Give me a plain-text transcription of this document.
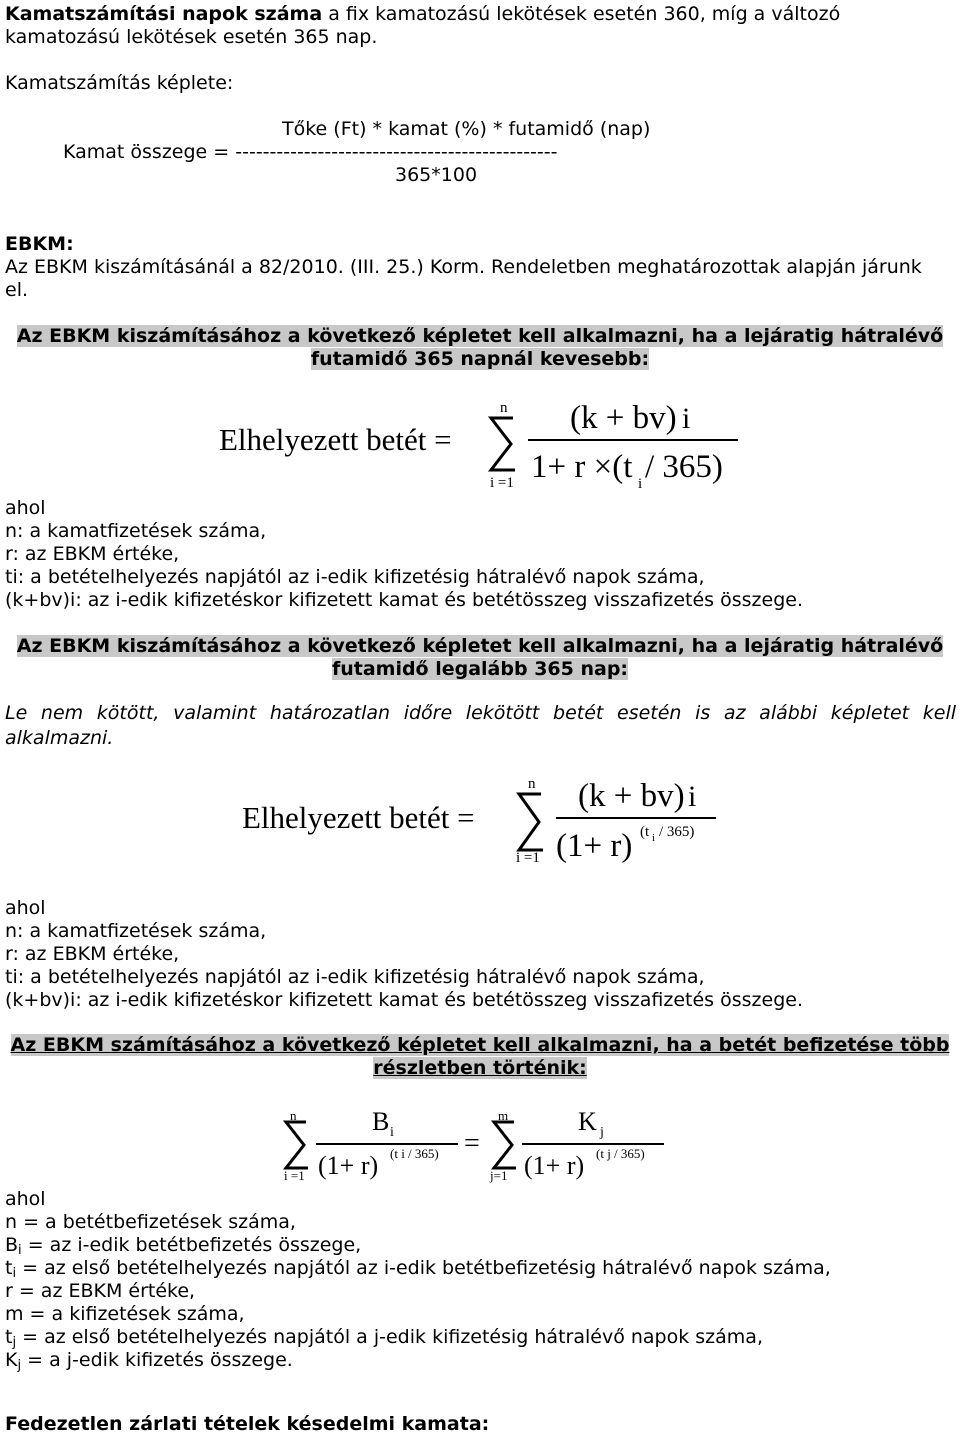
Kamatszámítási napok száma a fix kamatozású lekötések esetén 360, míg a változó
kamatozású lekötések esetén 365 nap.
Kamatszámítás képlete:
Tőke (Ft) * kamat (%) * futamidő (nap)
Kamat összege = -----------------------------------------------
365*100
EBKM:
Az EBKM kiszámításánál a 82/2010. (III. 25.) Korm. Rendeletben meghatározottak alapján járunk
el.
Az EBKM kiszámításához a következő képletet kell alkalmazni, ha a lejáratig hátralévő
futamidő 365 napnál kevesebb:
Elhelyezett betét =
n
i =1
(k + bv) i
1+ r ×(t i / 365)
ahol
n: a kamatfizetések száma,
r: az EBKM értéke,
ti: a betételhelyezés napjától az i-edik kifizetésig hátralévő napok száma,
(k+bv)i: az i-edik kifizetéskor kifizetett kamat és betétösszeg visszafizetés összege.
Az EBKM kiszámításához a következő képletet kell alkalmazni, ha a lejáratig hátralévő
futamidő legalább 365 nap:
Le nem kötött, valamint határozatlan időre lekötött betét esetén is az alábbi képletet kell alkalmazni.
Elhelyezett betét =
n
i =1
(k + bv) i
(1+ r) (t i / 365)
ahol
n: a kamatfizetések száma,
r: az EBKM értéke,
ti: a betételhelyezés napjától az i-edik kifizetésig hátralévő napok száma,
(k+bv)i: az i-edik kifizetéskor kifizetett kamat és betétösszeg visszafizetés összege.
Az EBKM számításához a következő képletet kell alkalmazni, ha a betét befizetése több
részletben történik:
n
i =1
B i
(1+ r) (t i / 365) =
m
j=1
K j
(1+ r) (t j / 365)
ahol
n = a betétbefizetések száma,
$B_i$ = az i-edik betétbefizetés összege,
$t_i$ = az első betételhelyezés napjától az i-edik betétbefizetésig hátralévő napok száma,
r = az EBKM értéke,
m = a kifizetések száma,
$t_j$ = az első betételhelyezés napjától a j-edik kifizetésig hátralévő napok száma,
$K_j = a$ j-edik kifizetés összege.
Fedezetlen zárlati tételek késedelmi kamata:
